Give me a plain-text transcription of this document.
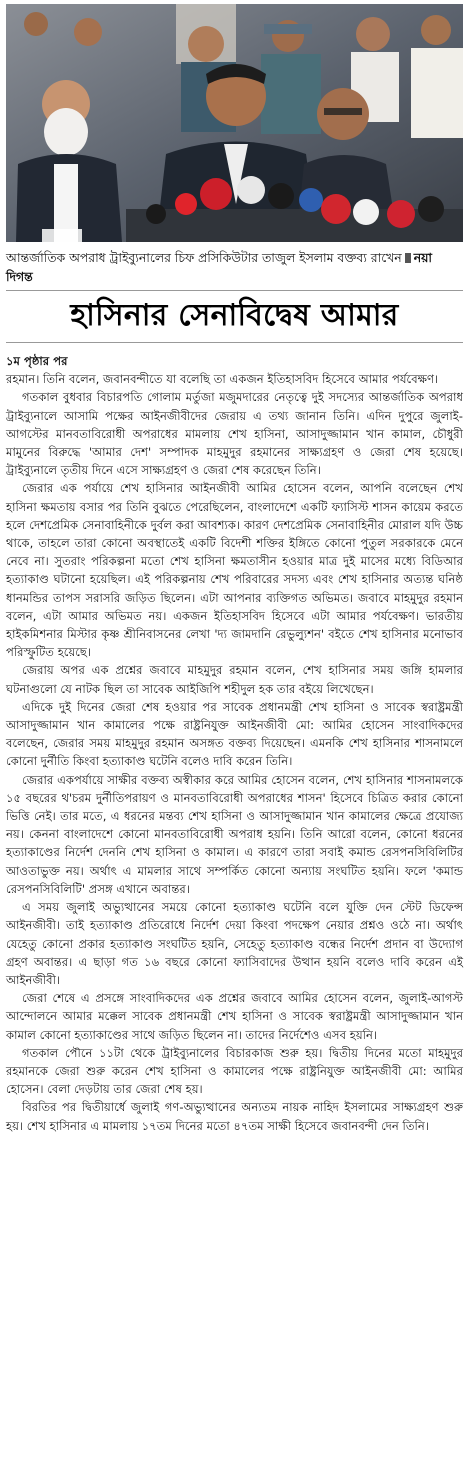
আন্তর্জাতিক অপরাধ ট্রাইব্যুনালের চিফ প্রসিকিউটার তাজুল ইসলাম বক্তব্য রাখেন নয়া দিগন্ত
হাসিনার সেনাবিদ্বেষ আমার

১ম পৃষ্ঠার পর

রহমান। তিনি বলেন, জবানবন্দীতে যা বলেছি তা একজন ইতিহাসবিদ হিসেবে আমার পর্যবেক্ষণ।

গতকাল বুধবার বিচারপতি গোলাম মর্তুজা মজুমদারের নেতৃত্বে দুই সদস্যের আন্তর্জাতিক অপরাধ ট্রাইব্যুনালে আসামি পক্ষের আইনজীবীদের জেরায় এ তথ্য জানান তিনি। এদিন দুপুরে জুলাই-আগস্টের মানবতাবিরোধী অপরাধের মামলায় শেখ হাসিনা, আসাদুজ্জামান খান কামাল, চৌধুরী মামুনের বিরুদ্ধে 'আমার দেশ' সম্পাদক মাহমুদুর রহমানের সাক্ষ্যগ্রহণ ও জেরা শেষ হয়েছে। ট্রাইব্যুনালে তৃতীয় দিনে এসে সাক্ষ্যগ্রহণ ও জেরা শেষ করেছেন তিনি।

জেরার এক পর্যায়ে শেখ হাসিনার আইনজীবী আমির হোসেন বলেন, আপনি বলেছেন শেখ হাসিনা ক্ষমতায় বসার পর তিনি বুঝতে পেরেছিলেন, বাংলাদেশে একটি ফ্যাসিস্ট শাসন কায়েম করতে হলে দেশপ্রেমিক সেনাবাহিনীকে দুর্বল করা আবশ্যক। কারণ দেশপ্রেমিক সেনাবাহিনীর মোরাল যদি উচ্চ থাকে, তাহলে তারা কোনো অবস্থাতেই একটি বিদেশী শক্তির ইঙ্গিতে কোনো পুতুল সরকারকে মেনে নেবে না। সুতরাং পরিকল্পনা মতো শেখ হাসিনা ক্ষমতাসীন হওয়ার মাত্র দুই মাসের মধ্যে বিডিআর হত্যাকাণ্ড ঘটানো হয়েছিল। এই পরিকল্পনায় শেখ পরিবারের সদস্য এবং শেখ হাসিনার অত্যন্ত ঘনিষ্ঠ ধানমন্ডির তাপস সরাসরি জড়িত ছিলেন। এটা আপনার ব্যক্তিগত অভিমত। জবাবে মাহমুদুর রহমান বলেন, এটা আমার অভিমত নয়। একজন ইতিহাসবিদ হিসেবে এটা আমার পর্যবেক্ষণ। ভারতীয় হাইকমিশনার মিস্টার কৃষ্ণ শ্রীনিবাসনের লেখা 'দ্য জামদানি রেভুল্যুশন' বইতে শেখ হাসিনার মনোভাব পরিস্ফুটিত হয়েছে।

জেরায় অপর এক প্রশ্নের জবাবে মাহমুদুর রহমান বলেন, শেখ হাসিনার সময় জঙ্গি হামলার ঘটনাগুলো যে নাটক ছিল তা সাবেক আইজিপি শহীদুল হক তার বইয়ে লিখেছেন।

এদিকে দুই দিনের জেরা শেষ হওয়ার পর সাবেক প্রধানমন্ত্রী শেখ হাসিনা ও সাবেক স্বরাষ্ট্রমন্ত্রী আসাদুজ্জামান খান কামালের পক্ষে রাষ্ট্রনিযুক্ত আইনজীবী মো: আমির হোসেন সাংবাদিকদের বলেছেন, জেরার সময় মাহমুদুর রহমান অসঙ্গত বক্তব্য দিয়েছেন। এমনকি শেখ হাসিনার শাসনামলে কোনো দুর্নীতি কিংবা হত্যাকাণ্ড ঘটেনি বলেও দাবি করেন তিনি।

জেরার একপর্যায়ে সাক্ষীর বক্তব্য অস্বীকার করে আমির হোসেন বলেন, শেখ হাসিনার শাসনামলকে ১৫ বছরের থ'চরম দুর্নীতিপরায়ণ ও মানবতাবিরোধী অপরাধের শাসন' হিসেবে চিত্রিত করার কোনো ভিত্তি নেই। তার মতে, এ ধরনের মন্তব্য শেখ হাসিনা ও আসাদুজ্জামান খান কামালের ক্ষেত্রে প্রযোজ্য নয়। কেননা বাংলাদেশে কোনো মানবতাবিরোধী অপরাধ হয়নি। তিনি আরো বলেন, কোনো ধরনের হত্যাকাণ্ডের নির্দেশ দেননি শেখ হাসিনা ও কামাল। এ কারণে তারা সবাই কমান্ড রেসপনসিবিলিটির আওতাভুক্ত নয়। অর্থাৎ এ মামলার সাথে সম্পর্কিত কোনো অন্যায় সংঘটিত হয়নি। ফলে 'কমান্ড রেসপনসিবিলিটি' প্রসঙ্গ এখানে অবান্তর।

এ সময় জুলাই অভ্যুত্থানের সময়ে কোনো হত্যাকাণ্ড ঘটেনি বলে যুক্তি দেন স্টেট ডিফেন্স আইনজীবী। তাই হত্যাকাণ্ড প্রতিরোধে নির্দেশ দেয়া কিংবা পদক্ষেপ নেয়ার প্রশ্নও ওঠে না। অর্থাৎ যেহেতু কোনো প্রকার হত্যাকাণ্ড সংঘটিত হয়নি, সেহেতু হত্যাকাণ্ড বন্ধের নির্দেশ প্রদান বা উদ্যোগ গ্রহণ অবান্তর। এ ছাড়া গত ১৬ বছরে কোনো ফ্যাসিবাদের উত্থান হয়নি বলেও দাবি করেন এই আইনজীবী।

জেরা শেষে এ প্রসঙ্গে সাংবাদিকদের এক প্রশ্নের জবাবে আমির হোসেন বলেন, জুলাই-আগস্ট আন্দোলনে আমার মক্কেল সাবেক প্রধানমন্ত্রী শেখ হাসিনা ও সাবেক স্বরাষ্ট্রমন্ত্রী আসাদুজ্জামান খান কামাল কোনো হত্যাকাণ্ডের সাথে জড়িত ছিলেন না। তাদের নির্দেশেও এসব হয়নি।

গতকাল পৌনে ১১টা থেকে ট্রাইব্যুনালের বিচারকাজ শুরু হয়। দ্বিতীয় দিনের মতো মাহমুদুর রহমানকে জেরা শুরু করেন শেখ হাসিনা ও কামালের পক্ষে রাষ্ট্রনিযুক্ত আইনজীবী মো: আমির হোসেন। বেলা দেড়টায় তার জেরা শেষ হয়।

বিরতির পর দ্বিতীয়ার্ধে জুলাই গণ-অভ্যুত্থানের অন্যতম নায়ক নাহিদ ইসলামের সাক্ষ্যগ্রহণ শুরু হয়। শেখ হাসিনার এ মামলায় ১৭তম দিনের মতো ৪৭তম সাক্ষী হিসেবে জবানবন্দী দেন তিনি।
